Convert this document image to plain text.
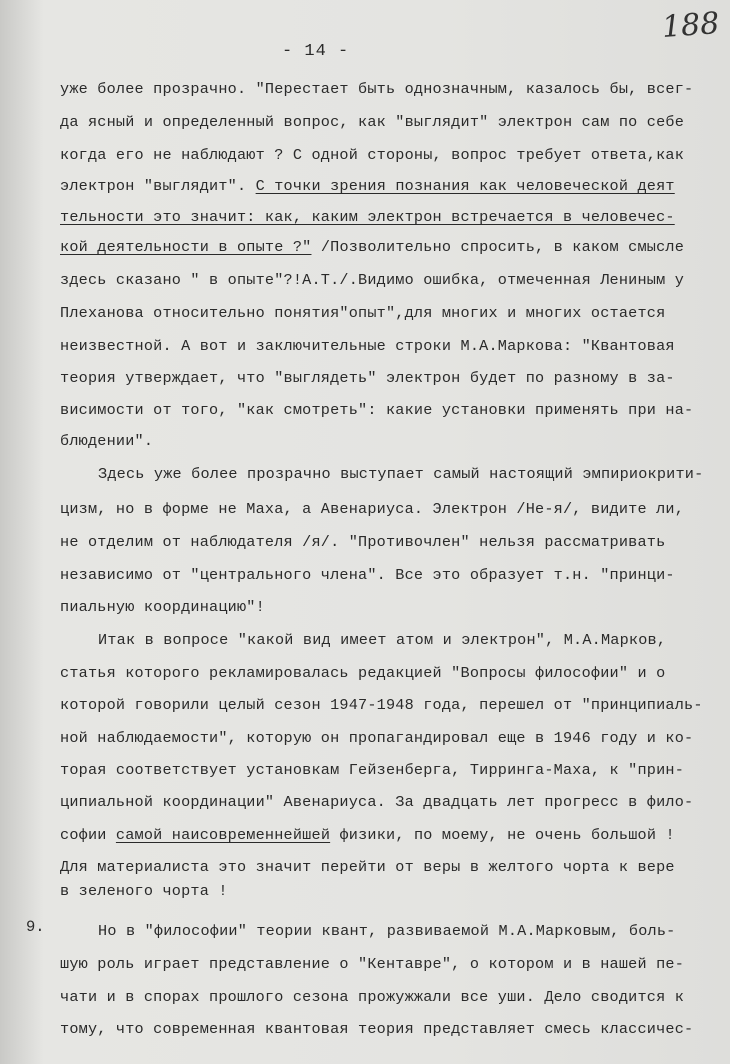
- 14 -
188
уже более прозрачно. "Перестает быть однозначным, казалось бы, всег-
да ясный и определенный вопрос, как "выглядит" электрон сам по себе
когда его не наблюдают ? С одной стороны, вопрос требует ответа,как
электрон "выглядит". С точки зрения познания как человеческой деят
тельности это значит: как, каким электрон встречается в человечес-
кой деятельности в опыте ?" /Позволительно спросить, в каком смысле
здесь сказано " в опыте"?!А.Т./.Видимо ошибка, отмеченная Лениным у
Плеханова относительно понятия"опыт",для многих и многих остается
неизвестной. А вот и заключительные строки М.А.Маркова: "Квантовая
теория утверждает, что "выглядеть" электрон будет по разному в за-
висимости от того, "как смотреть": какие установки применять при на-
блюдении".
Здесь уже более прозрачно выступает самый настоящий эмпириокрити-
цизм, но в форме не Маха, а Авенариуса. Электрон /Не-я/, видите ли,
не отделим от наблюдателя /я/. "Противочлен" нельзя рассматривать
независимо от "центрального члена". Все это образует т.н. "принци-
пиальную координацию"!
Итак в вопросе "какой вид имеет атом и электрон", М.А.Марков,
статья которого рекламировалась редакцией "Вопросы философии" и о
которой говорили целый сезон 1947-1948 года, перешел от "принципиаль-
ной наблюдаемости", которую он пропагандировал еще в 1946 году и ко-
торая соответствует установкам Гейзенберга, Тирринга-Маха, к "прин-
ципиальной координации" Авенариуса. За двадцать лет прогресс в фило-
софии самой наисовременнейшей физики, по моему, не очень большой !
Для материалиста это значит перейти от веры в желтого чорта к вере
в зеленого чорта !
9.	Но в "философии" теории квант, развиваемой М.А.Марковым, боль-
шую роль играет представление о "Кентавре", о котором и в нашей пе-
чати и в спорах прошлого сезона прожужжали все уши. Дело сводится к
тому, что современная квантовая теория представляет смесь классичес-
